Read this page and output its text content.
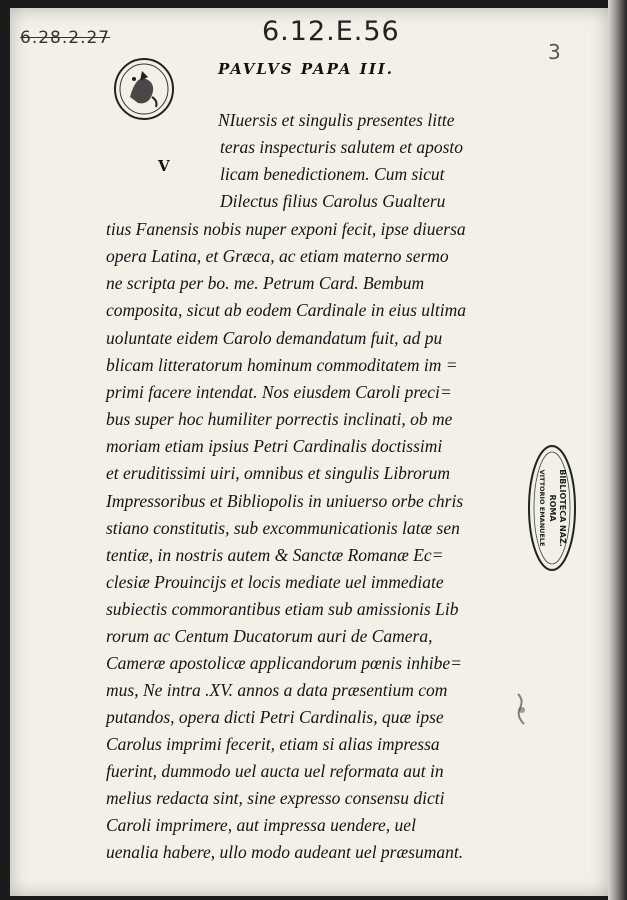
6.28.2.27	6.12.E.56
3
BIBLIOTECA NAZ.
ROMA
VITTORIO EMANUELE
PAVLVS PAPA III.
V
NIuersis et singulis presentes litte
teras inspecturis salutem et aposto
licam benedictionem. Cum sicut
Dilectus filius Carolus Gualteru
tius Fanensis nobis nuper exponi fecit, ipse diuersa
opera Latina, et Græca, ac etiam materno sermo
ne scripta per bo. me. Petrum Card. Bembum
composita, sicut ab eodem Cardinale in eius ultima
uoluntate eidem Carolo demandatum fuit, ad pu
blicam litteratorum hominum commoditatem im =
primi facere intendat. Nos eiusdem Caroli preci=
bus super hoc humiliter porrectis inclinati, ob me
moriam etiam ipsius Petri Cardinalis doctissimi
et eruditissimi uiri, omnibus et singulis Librorum
Impressoribus et Bibliopolis in uniuerso orbe chris
stiano constitutis, sub excommunicationis latæ sen
tentiæ, in nostris autem & Sanctæ Romanæ Ec=
clesiæ Prouincijs et locis mediate uel immediate
subiectis commorantibus etiam sub amissionis Lib
rorum ac Centum Ducatorum auri de Camera,
Cameræ apostolicæ applicandorum pœnis inhibe=
mus, Ne intra .XV. annos a data præsentium com
putandos, opera dicti Petri Cardinalis, quæ ipse
Carolus imprimi fecerit, etiam si alias impressa
fuerint, dummodo uel aucta uel reformata aut in
melius redacta sint, sine expresso consensu dicti
Caroli imprimere, aut impressa uendere, uel
uenalia habere, ullo modo audeant uel præsumant.
